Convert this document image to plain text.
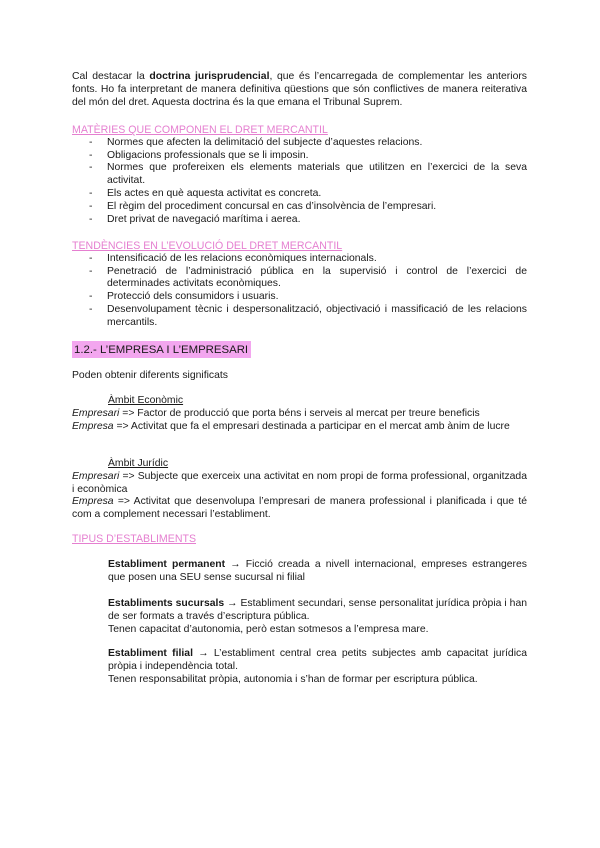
Cal destacar la doctrina jurisprudencial, que és l’encarregada de complementar les anteriors fonts. Ho fa interpretant de manera definitiva qüestions que són conflictives de manera reiterativa del món del dret. Aquesta doctrina és la que emana el Tribunal Suprem.

MATÈRIES QUE COMPONEN EL DRET MERCANTIL
- Normes que afecten la delimitació del subjecte d’aquestes relacions.
- Obligacions professionals que se li imposin.
- Normes que profereixen els elements materials que utilitzen en l’exercici de la seva activitat.
- Els actes en què aquesta activitat es concreta.
- El règim del procediment concursal en cas d’insolvència de l’empresari.
- Dret privat de navegació marítima i aerea.
TENDÈNCIES EN L’EVOLUCIÓ DEL DRET MERCANTIL
- Intensificació de les relacions econòmiques internacionals.
- Penetració de l’administració pública en la supervisió i control de l’exercici de determinades activitats econòmiques.
- Protecció dels consumidors i usuaris.
- Desenvolupament tècnic i despersonalització, objectivació i massificació de les relacions mercantils.
1.2.- L’EMPRESA I L’EMPRESARI

Poden obtenir diferents significats

Àmbit Econòmic

Empresari => Factor de producció que porta béns i serveis al mercat per treure beneficis

Empresa => Activitat que fa el empresari destinada a participar en el mercat amb ànim de lucre

Àmbit Jurídic

Empresari => Subjecte que exerceix una activitat en nom propi de forma professional, organitzada i econòmica

Empresa => Activitat que desenvolupa l’empresari de manera professional i planificada i que té com a complement necessari l’establiment.

TIPUS D’ESTABLIMENTS

Establiment permanent → Ficció creada a nivell internacional, empreses estrangeres que posen una SEU sense sucursal ni filial

Establiments sucursals → Establiment secundari, sense personalitat jurídica pròpia i han de ser formats a través d’escriptura pública.

Tenen capacitat d’autonomia, però estan sotmesos a l’empresa mare.

Establiment filial → L’establiment central crea petits subjectes amb capacitat jurídica pròpia i independència total.

Tenen responsabilitat pròpia, autonomia i s’han de formar per escriptura pública.
